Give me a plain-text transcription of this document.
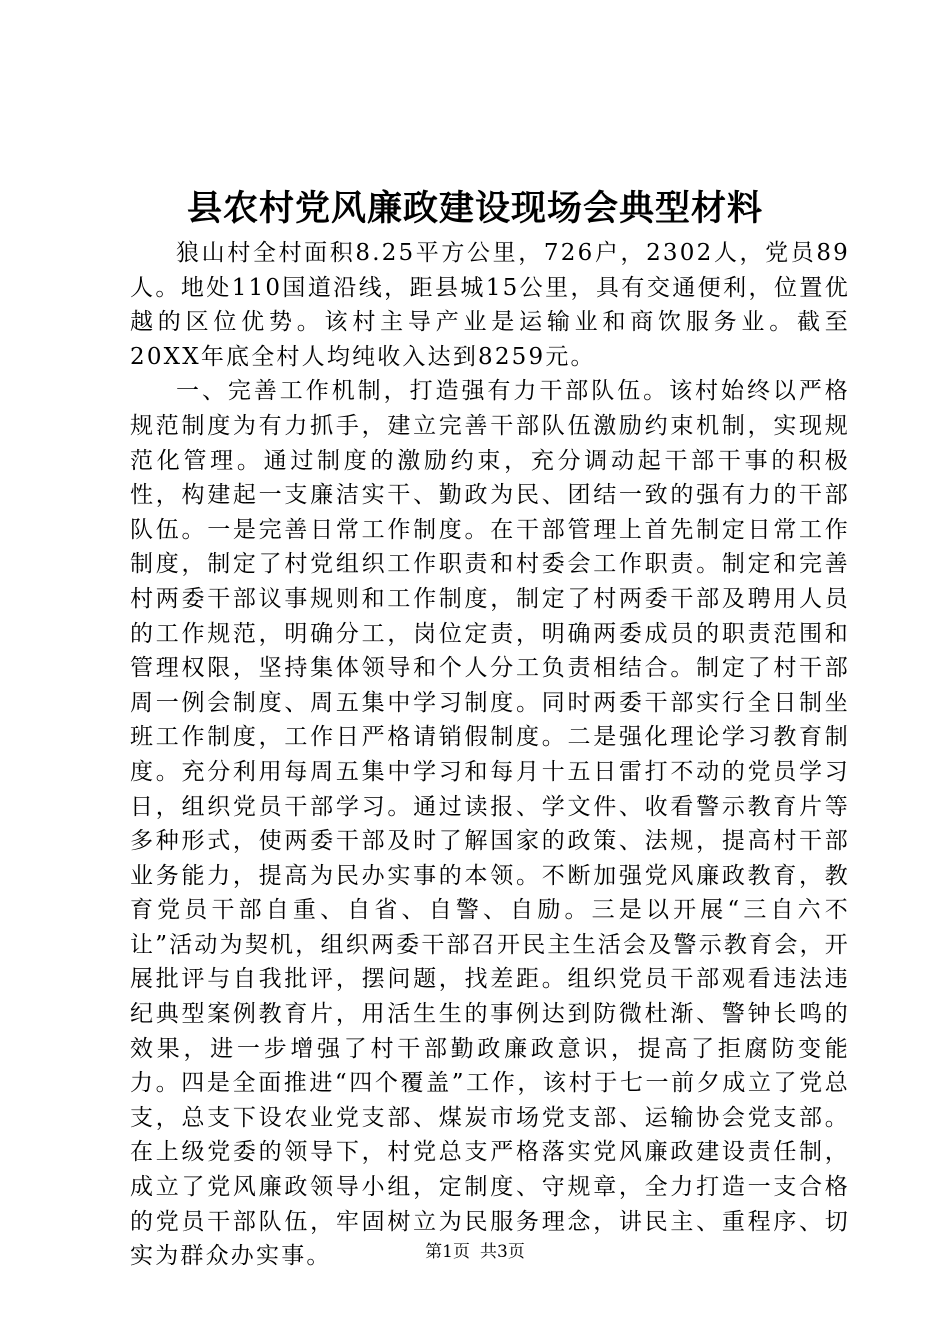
县农村党风廉政建设现场会典型材料

狼山村全村面积8.25平方公里，726户，2302人，党员89人。地处110国道沿线，距县城15公里，具有交通便利，位置优越的区位优势。该村主导产业是运输业和商饮服务业。截至20XX年底全村人均纯收入达到8259元。

一、完善工作机制，打造强有力干部队伍。该村始终以严格规范制度为有力抓手，建立完善干部队伍激励约束机制，实现规范化管理。通过制度的激励约束，充分调动起干部干事的积极性，构建起一支廉洁实干、勤政为民、团结一致的强有力的干部队伍。一是完善日常工作制度。在干部管理上首先制定日常工作制度，制定了村党组织工作职责和村委会工作职责。制定和完善村两委干部议事规则和工作制度，制定了村两委干部及聘用人员的工作规范，明确分工，岗位定责，明确两委成员的职责范围和管理权限，坚持集体领导和个人分工负责相结合。制定了村干部周一例会制度、周五集中学习制度。同时两委干部实行全日制坐班工作制度，工作日严格请销假制度。二是强化理论学习教育制度。充分利用每周五集中学习和每月十五日雷打不动的党员学习日，组织党员干部学习。通过读报、学文件、收看警示教育片等多种形式，使两委干部及时了解国家的政策、法规，提高村干部业务能力，提高为民办实事的本领。不断加强党风廉政教育，教育党员干部自重、自省、自警、自励。三是以开展“三自六不让”活动为契机，组织两委干部召开民主生活会及警示教育会，开展批评与自我批评，摆问题，找差距。组织党员干部观看违法违纪典型案例教育片，用活生生的事例达到防微杜渐、警钟长鸣的效果，进一步增强了村干部勤政廉政意识，提高了拒腐防变能力。四是全面推进“四个覆盖”工作，该村于七一前夕成立了党总支，总支下设农业党支部、煤炭市场党支部、运输协会党支部。在上级党委的领导下，村党总支严格落实党风廉政建设责任制，成立了党风廉政领导小组，定制度、守规章，全力打造一支合格的党员干部队伍，牢固树立为民服务理念，讲民主、重程序、切实为群众办实事。	第1页 共3页
